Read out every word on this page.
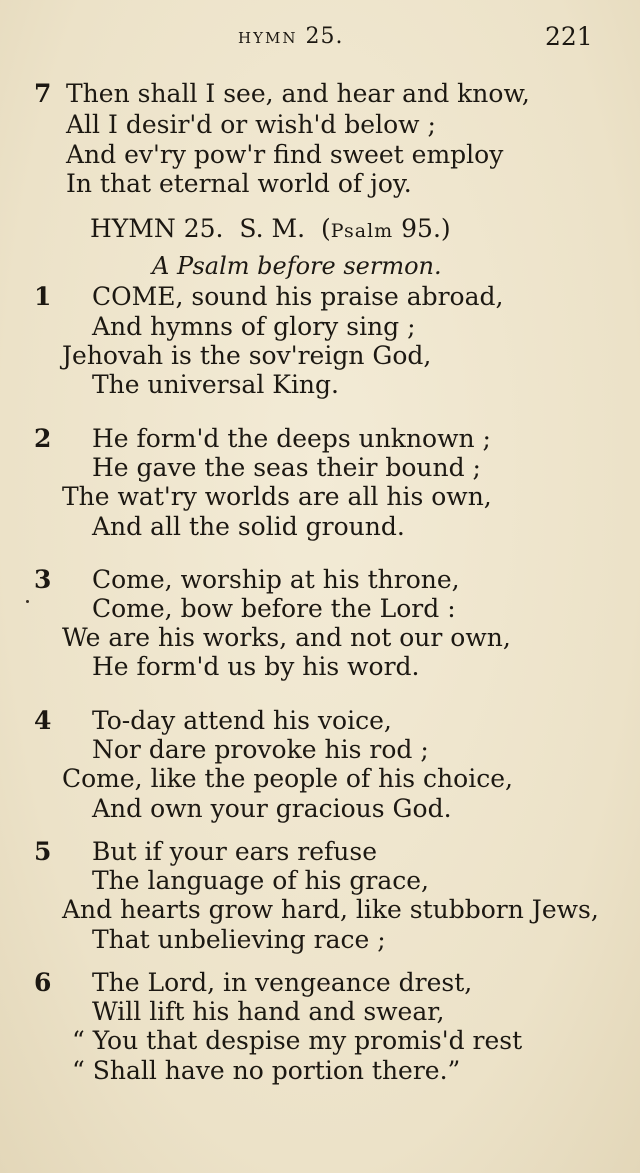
HYMN 25.	221
7 Then shall I see, and hear and know,
All I desir'd or wish'd below ;
And ev'ry pow'r find sweet employ
In that eternal world of joy.
HYMN 25. S. M. (Psalm 95.)
A Psalm before sermon.
1 COME, sound his praise abroad,
And hymns of glory sing ;
Jehovah is the sov'reign God,
The universal King.
2 He form'd the deeps unknown ;
He gave the seas their bound ;
The wat'ry worlds are all his own,
And all the solid ground.
3 Come, worship at his throne,
Come, bow before the Lord :
We are his works, and not our own,
He form'd us by his word.
4 To-day attend his voice,
Nor dare provoke his rod ;
Come, like the people of his choice,
And own your gracious God.
5 But if your ears refuse
The language of his grace,
And hearts grow hard, like stubborn Jews,
That unbelieving race ;
6 The Lord, in vengeance drest,
Will lift his hand and swear,
“ You that despise my promis'd rest
“ Shall have no portion there.”
